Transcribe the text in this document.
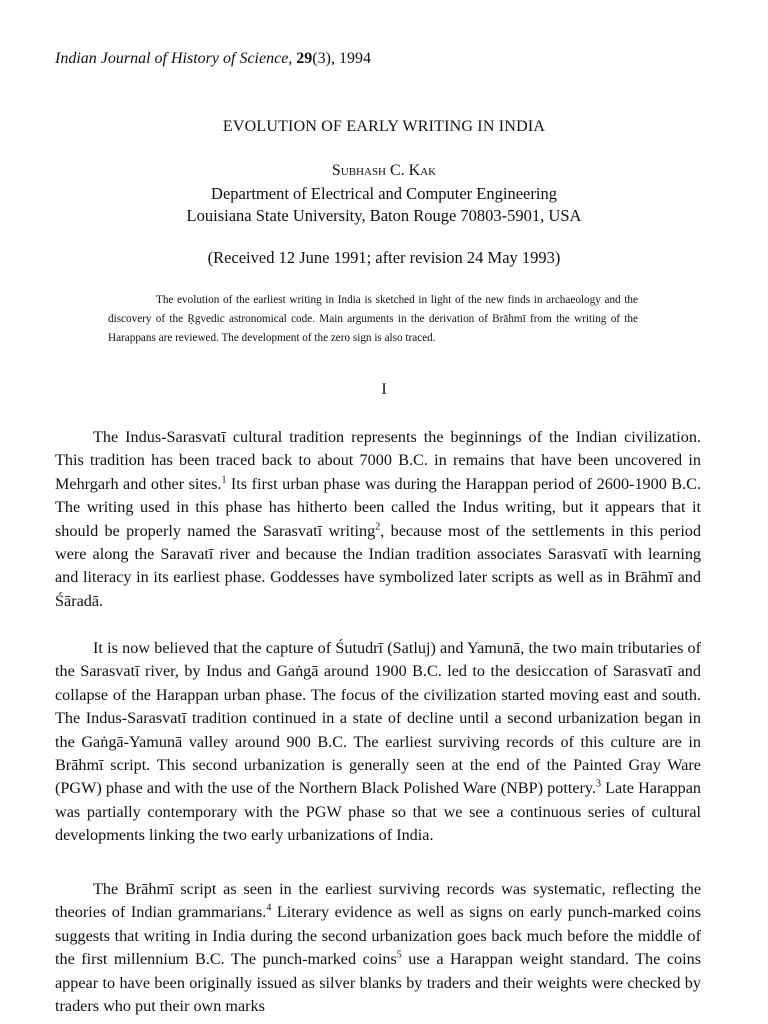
Indian Journal of History of Science, 29(3), 1994
EVOLUTION OF EARLY WRITING IN INDIA
Subhash C. Kak
Department of Electrical and Computer Engineering
Louisiana State University, Baton Rouge 70803-5901, USA
(Received 12 June 1991; after revision 24 May 1993)
The evolution of the earliest writing in India is sketched in light of the new finds in archaeology and the discovery of the Ṛgvedic astronomical code. Main arguments in the derivation of Brāhmī from the writing of the Harappans are reviewed. The development of the zero sign is also traced.
I
The Indus-Sarasvatī cultural tradition represents the beginnings of the Indian civilization. This tradition has been traced back to about 7000 B.C. in remains that have been uncovered in Mehrgarh and other sites.$^1$ Its first urban phase was during the Harappan period of 2600-1900 B.C. The writing used in this phase has hitherto been called the Indus writing, but it appears that it should be properly named the Sarasvatī writing$^2$, because most of the settlements in this period were along the Saravatī river and because the Indian tradition associates Sarasvatī with learning and literacy in its earliest phase. Goddesses have symbolized later scripts as well as in Brāhmī and Śāradā.
It is now believed that the capture of Śutudrī (Satluj) and Yamunā, the two main tributaries of the Sarasvatī river, by Indus and Gaṅgā around 1900 B.C. led to the desiccation of Sarasvatī and collapse of the Harappan urban phase. The focus of the civilization started moving east and south. The Indus-Sarasvatī tradition continued in a state of decline until a second urbanization began in the Gaṅgā-Yamunā valley around 900 B.C. The earliest surviving records of this culture are in Brāhmī script. This second urbanization is generally seen at the end of the Painted Gray Ware (PGW) phase and with the use of the Northern Black Polished Ware (NBP) pottery.$^3$ Late Harappan was partially contemporary with the PGW phase so that we see a continuous series of cultural developments linking the two early urbanizations of India.
The Brāhmī script as seen in the earliest surviving records was systematic, reflecting the theories of Indian grammarians.$^4$ Literary evidence as well as signs on early punch-marked coins suggests that writing in India during the second urbanization goes back much before the middle of the first millennium B.C. The punch-marked coins$^5$ use a Harappan weight standard. The coins appear to have been originally issued as silver blanks by traders and their weights were checked by traders who put their own marks
